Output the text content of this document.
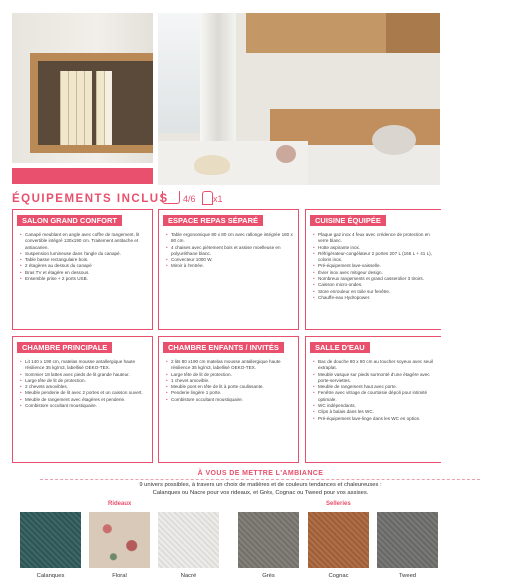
ÉQUIPEMENTS INCLUS 4/6 x1
SALON GRAND CONFORT
• Canapé meublant en angle avec coffre de rangement, lit convertible intégré 130x190 cm. Traitement antitache et antiacarien.
• Suspension lumineuse dans l'angle du canapé.
• Table basse rectangulaire bois.
• 2 étagères au dessus du canapé
• Bras TV et étagère en dessous.
• Ensemble prise + 2 ports USB.
ESPACE REPAS SÉPARÉ
• Table ergonomique 80 x 80 cm avec rallonge intégrée 160 x 80 cm.
• 4 chaises avec piètement bois et assise moelleuse en polyuréthane blanc.
• Convecteur 1000 W.
• Miroir à l'entrée.
CUISINE ÉQUIPÉE
• Plaque gaz inox 4 feux avec crédence de protection en verre blanc.
• Hotte aspirante inox.
• Réfrigérateur-congélateur 2 portes 207 L (166 L + 41 L), coloris inox.
• Pré-équipement lave-vaisselle.
• Évier inox avec mitigeur design.
• Nombreux rangements et grand casserolier 3 tiroirs.
• Caisson micro-ondes.
• Store enrouleur en toile sur fenêtre.
• Chauffe-eau Hydropower.
CHAMBRE PRINCIPALE
• Lit 140 x 190 cm, matelas mousse antallergique haute résilience 35 kg/m3, labellisé OEKO-TEX.
• Sommier 18 lattes avec pieds de lit grande hauteur.
• Large tête de lit de protection.
• 2 chevets amovibles.
• Meuble penderie de lit avec 2 portes et un caisson ouvert.
• Meuble de rangement avec étagères et penderie.
• Combistore occultant moustiquaire.
CHAMBRE ENFANTS / INVITÉS
• 2 lits 80 x190 cm matelas mousse antallergique haute résilience 35 kg/m3, labellisé OEKO-TEX.
• Large tête de lit de protection.
• 1 chevet amovible.
• Meuble pont en tête de lit à porte coulissante.
• Penderie lingère 1 porte.
• Combistore occultant moustiquaire.
SALLE D'EAU
• Bac de douche 80 x 80 cm au toucher soyeux avec seuil extraplat.
• Meuble vasque sur pieds surmonté d'une étagère avec porte-serviettes.
• Meuble de rangement haut avec porte.
• Fenêtre avec vitrage de courtoisie dépoli pour intimité optimale.
• WC indépendants.
• Clips à balais dans les WC.
• Pré-équipement lave-linge dans les WC en option.
À VOUS DE METTRE L'AMBIANCE
9 univers possibles, à travers un choix de matières et de couleurs tendances et chaleureuses :
Calanques ou Nacre pour vos rideaux, et Grès, Cognac ou Tweed pour vos assises.
Rideaux	Selleries
Calanques	Floral	Nacré	Grès	Cognac	Tweed
